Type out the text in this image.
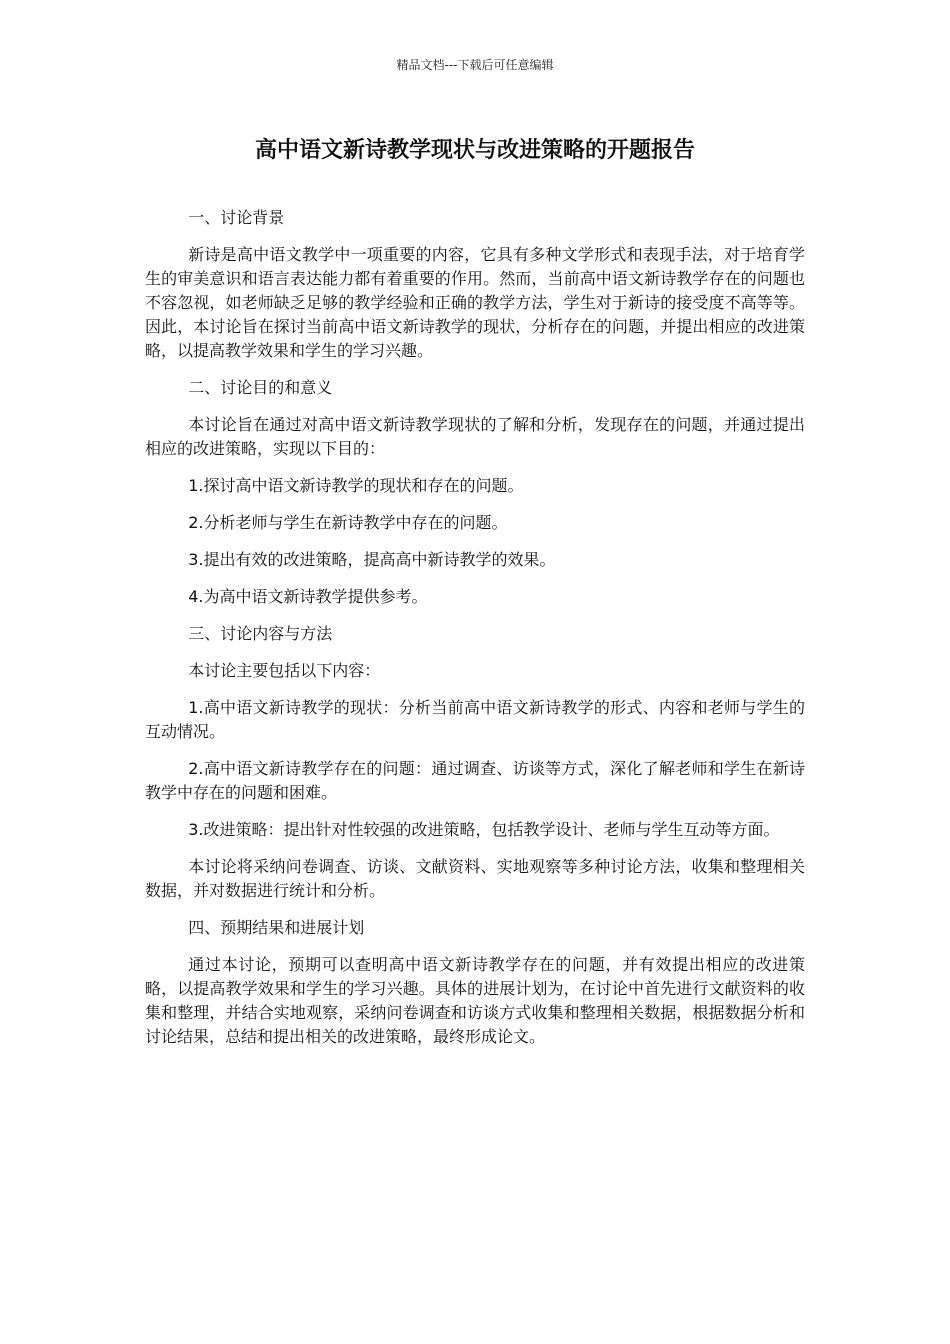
精品文档---下载后可任意编辑
高中语文新诗教学现状与改进策略的开题报告

一、讨论背景

新诗是高中语文教学中一项重要的内容，它具有多种文学形式和表现手法，对于培育学生的审美意识和语言表达能力都有着重要的作用。然而，当前高中语文新诗教学存在的问题也不容忽视，如老师缺乏足够的教学经验和正确的教学方法，学生对于新诗的接受度不高等等。因此，本讨论旨在探讨当前高中语文新诗教学的现状，分析存在的问题，并提出相应的改进策略，以提高教学效果和学生的学习兴趣。

二、讨论目的和意义

本讨论旨在通过对高中语文新诗教学现状的了解和分析，发现存在的问题，并通过提出相应的改进策略，实现以下目的：

1.探讨高中语文新诗教学的现状和存在的问题。

2.分析老师与学生在新诗教学中存在的问题。

3.提出有效的改进策略，提高高中新诗教学的效果。

4.为高中语文新诗教学提供参考。

三、讨论内容与方法

本讨论主要包括以下内容：

1.高中语文新诗教学的现状：分析当前高中语文新诗教学的形式、内容和老师与学生的互动情况。

2.高中语文新诗教学存在的问题：通过调查、访谈等方式，深化了解老师和学生在新诗教学中存在的问题和困难。

3.改进策略：提出针对性较强的改进策略，包括教学设计、老师与学生互动等方面。

本讨论将采纳问卷调查、访谈、文献资料、实地观察等多种讨论方法，收集和整理相关数据，并对数据进行统计和分析。

四、预期结果和进展计划

通过本讨论，预期可以查明高中语文新诗教学存在的问题，并有效提出相应的改进策略，以提高教学效果和学生的学习兴趣。具体的进展计划为，在讨论中首先进行文献资料的收集和整理，并结合实地观察，采纳问卷调查和访谈方式收集和整理相关数据，根据数据分析和讨论结果，总结和提出相关的改进策略，最终形成论文。
